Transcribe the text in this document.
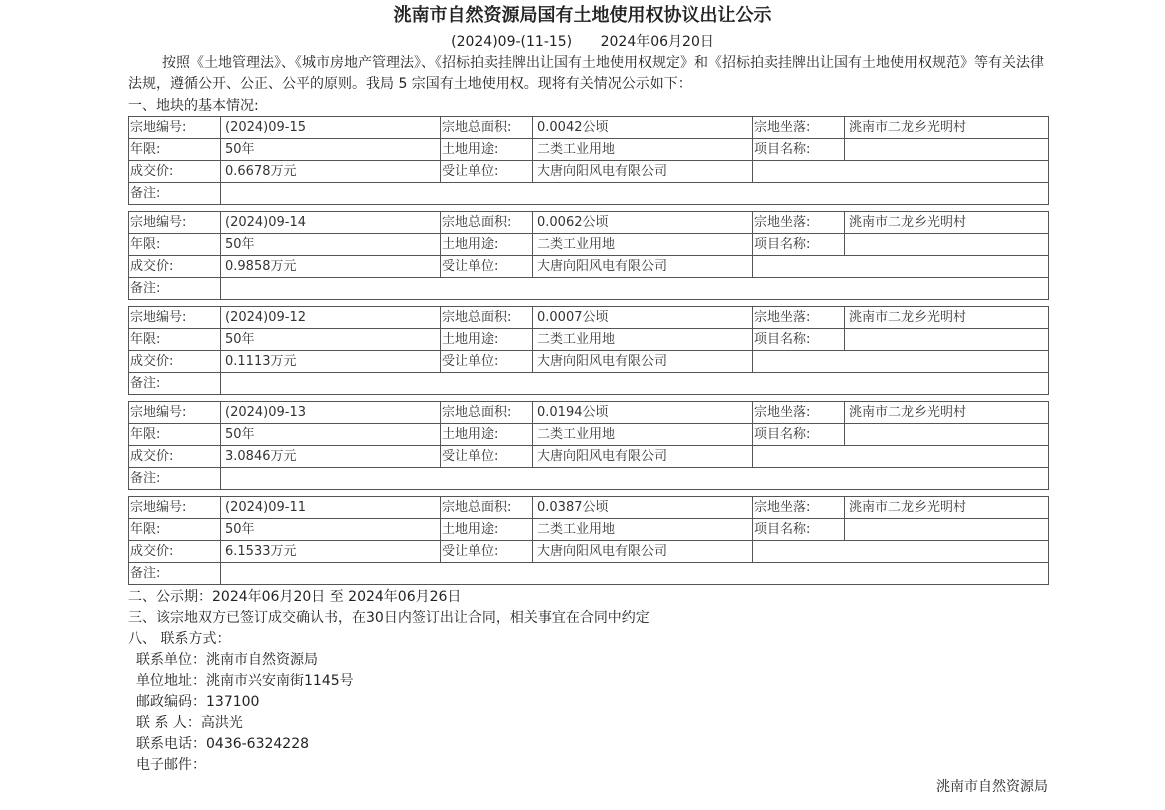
洮南市自然资源局国有土地使用权协议出让公示
(2024)09-(11-15) 2024年06月20日

按照《土地管理法》、《城市房地产管理法》、《招标拍卖挂牌出让国有土地使用权规定》和《招标拍卖挂牌出让国有土地使用权规范》等有关法律法规，遵循公开、公正、公平的原则。我局 5 宗国有土地使用权。现将有关情况公示如下：

一、地块的基本情况:
宗地编号:	(2024)09-15	宗地总面积:	0.0042公顷	宗地坐落:	洮南市二龙乡光明村
年限:	50年	土地用途:	二类工业用地	项目名称:	
成交价:	0.6678万元	受让单位:	大唐向阳风电有限公司		
备注:					
宗地编号:	(2024)09-14	宗地总面积:	0.0062公顷	宗地坐落:	洮南市二龙乡光明村
年限:	50年	土地用途:	二类工业用地	项目名称:	
成交价:	0.9858万元	受让单位:	大唐向阳风电有限公司		
备注:					
宗地编号:	(2024)09-12	宗地总面积:	0.0007公顷	宗地坐落:	洮南市二龙乡光明村
年限:	50年	土地用途:	二类工业用地	项目名称:	
成交价:	0.1113万元	受让单位:	大唐向阳风电有限公司		
备注:					
宗地编号:	(2024)09-13	宗地总面积:	0.0194公顷	宗地坐落:	洮南市二龙乡光明村
年限:	50年	土地用途:	二类工业用地	项目名称:	
成交价:	3.0846万元	受让单位:	大唐向阳风电有限公司		
备注:					
宗地编号:	(2024)09-11	宗地总面积:	0.0387公顷	宗地坐落:	洮南市二龙乡光明村
年限:	50年	土地用途:	二类工业用地	项目名称:	
成交价:	6.1533万元	受让单位:	大唐向阳风电有限公司		
备注:					
二、公示期：2024年06月20日 至 2024年06月26日
三、该宗地双方已签订成交确认书，在30日内签订出让合同，相关事宜在合同中约定
八、 联系方式：
联系单位：洮南市自然资源局
单位地址：洮南市兴安南街1145号
邮政编码：137100
联 系 人：高洪光
联系电话：0436-6324228
电子邮件：
洮南市自然资源局
